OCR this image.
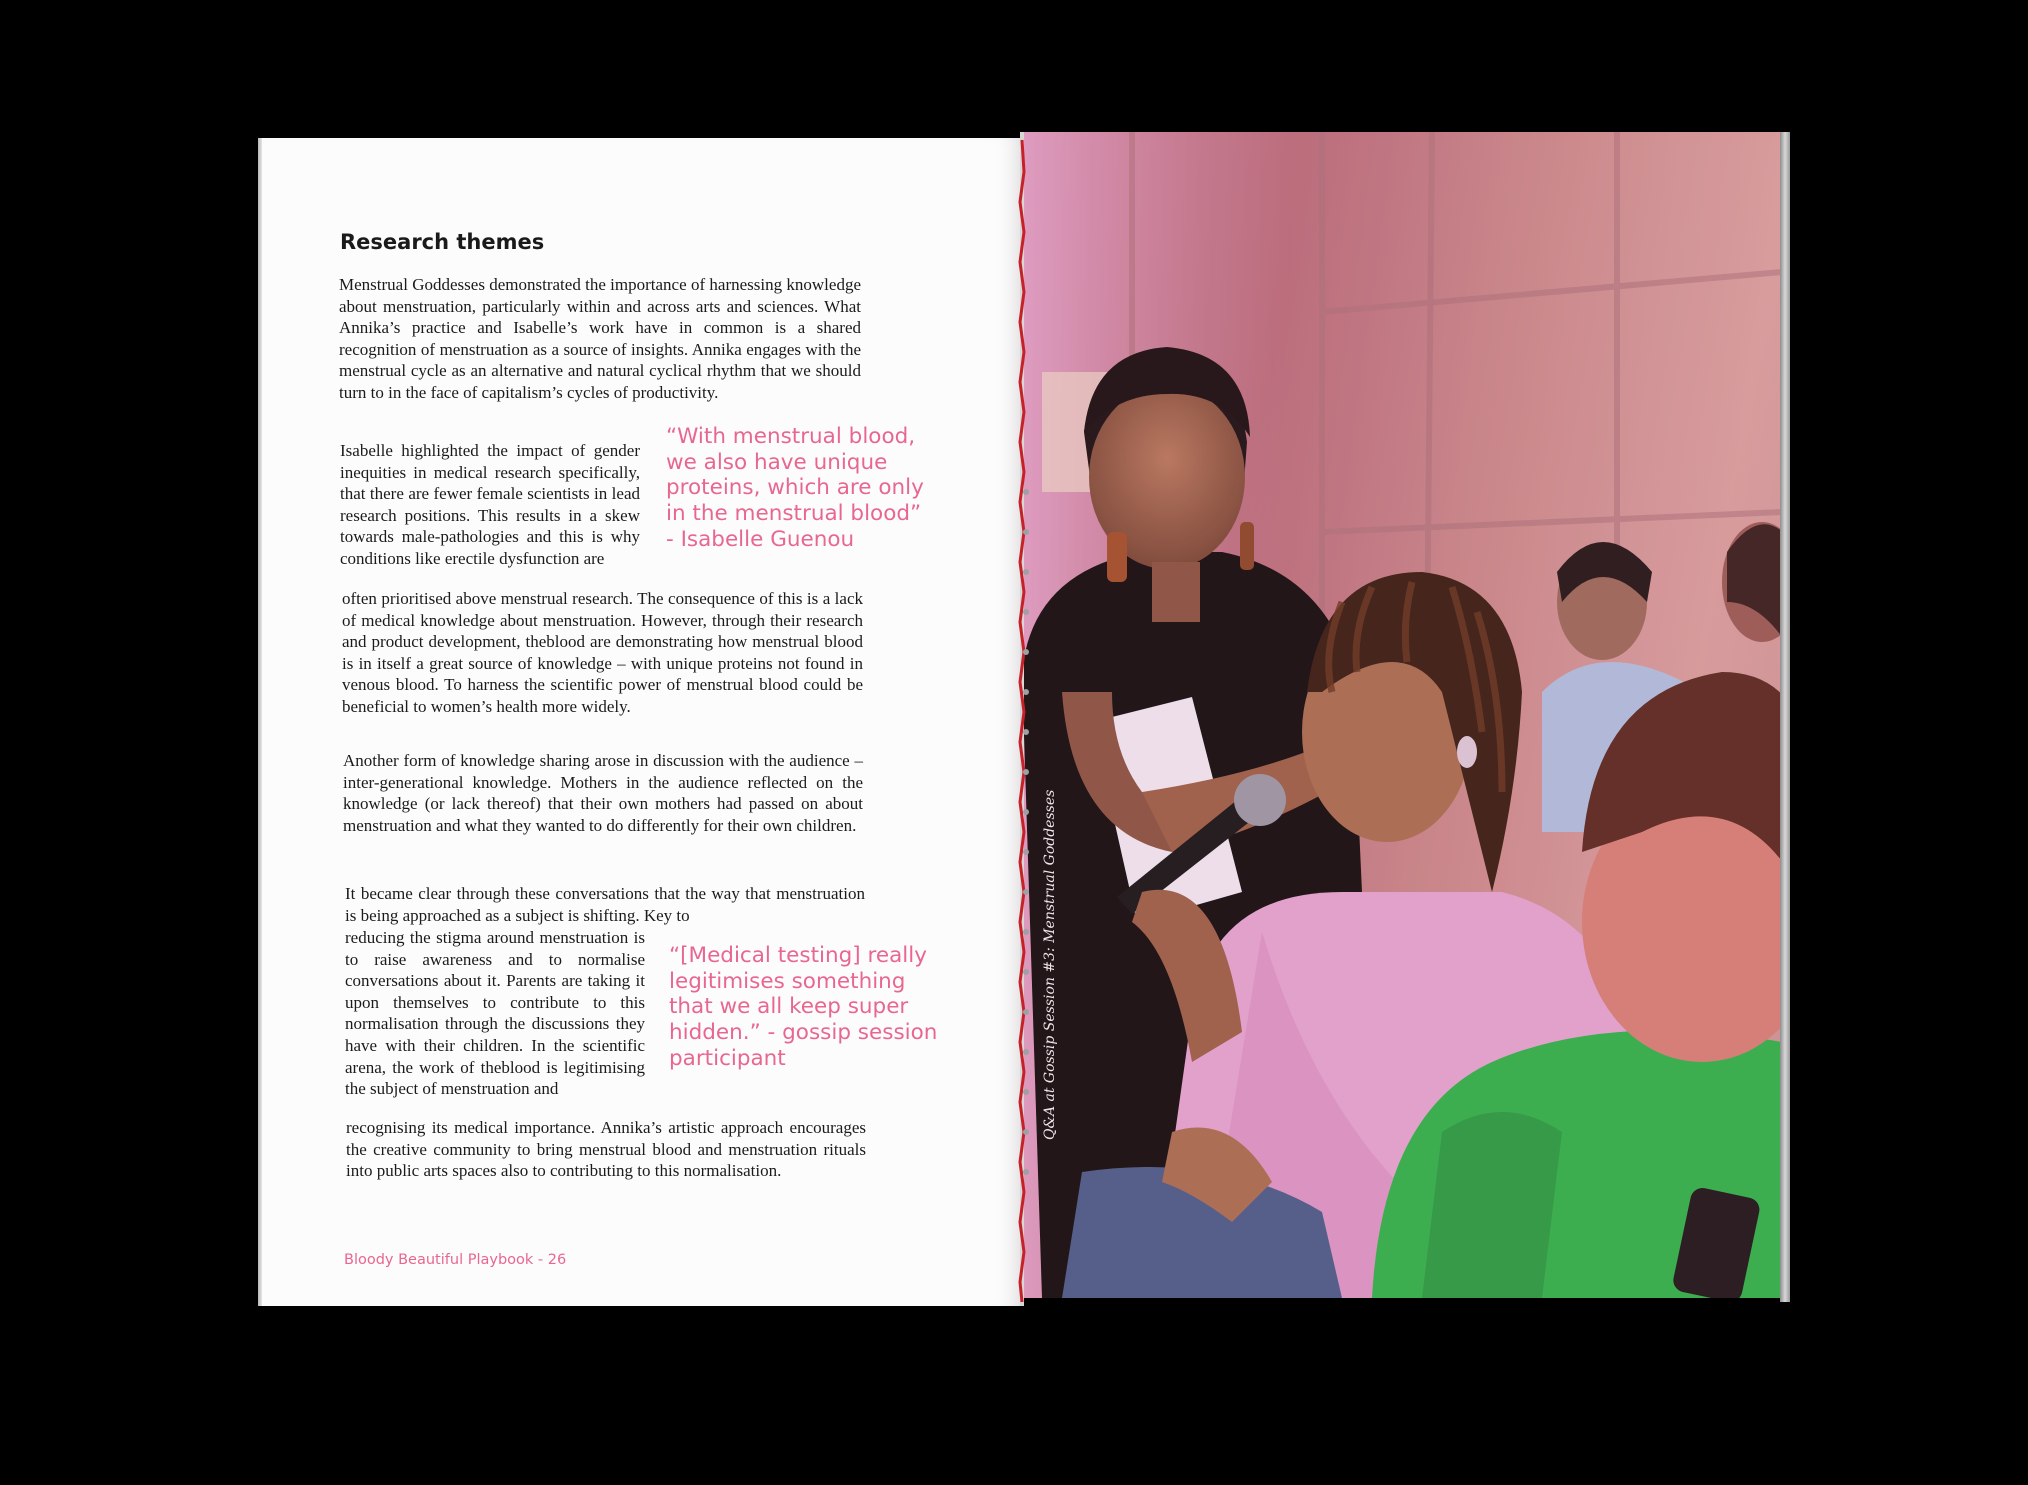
Research themes

Menstrual Goddesses demonstrated the importance of harnessing knowledge about menstruation, particularly within and across arts and sciences. What Annika’s practice and Isabelle’s work have in common is a shared recognition of menstruation as a source of insights. Annika engages with the menstrual cycle as an alternative and natural cyclical rhythm that we should turn to in the face of capitalism’s cycles of productivity.

Isabelle highlighted the impact of gender inequities in medical research specifically, that there are fewer female scientists in lead research positions. This results in a skew towards male-pathologies and this is why conditions like erectile dysfunction are

“With menstrual blood,
we also have unique
proteins, which are only
in the menstrual blood”
- Isabelle Guenou

often prioritised above menstrual research. The consequence of this is a lack of medical knowledge about menstruation. However, through their research and product development, theblood are demonstrating how menstrual blood is in itself a great source of knowledge – with unique proteins not found in venous blood. To harness the scientific power of menstrual blood could be beneficial to women’s health more widely.

Another form of knowledge sharing arose in discussion with the audience – inter-generational knowledge. Mothers in the audience reflected on the knowledge (or lack thereof) that their own mothers had passed on about menstruation and what they wanted to do differently for their own children.

It became clear through these conversations that the way that menstruation is being approached as a subject is shifting. Key to

reducing the stigma around menstruation is to raise awareness and to normalise conversations about it. Parents are taking it upon themselves to contribute to this normalisation through the discussions they have with their children. In the scientific arena, the work of theblood is legitimising the subject of menstruation and

“[Medical testing] really
legitimises something
that we all keep super
hidden.” - gossip session
participant

recognising its medical importance. Annika’s artistic approach encourages the creative community to bring menstrual blood and menstruation rituals into public arts spaces also to contributing to this normalisation.

Bloody Beautiful Playbook - 26

Q&A at Gossip Session #3: Menstrual Goddesses
